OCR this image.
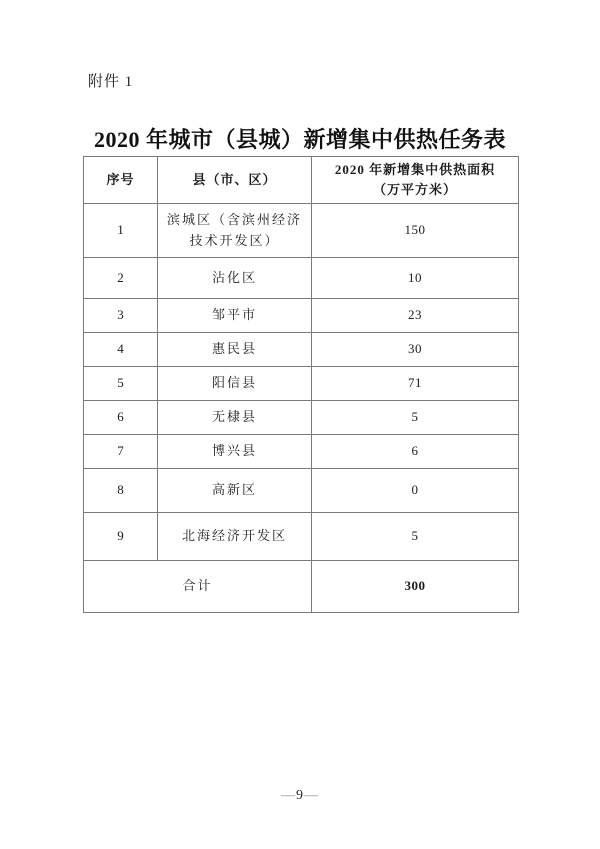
附件 1
2020 年城市（县城）新增集中供热任务表
序号	县（市、区）	2020 年新增集中供热面积
（万平方米）

1	滨城区（含滨州经济技术开发区）	150
2	沾化区	10
3	邹平市	23
4	惠民县	30
5	阳信县	71
6	无棣县	5
7	博兴县	6
8	高新区	0
9	北海经济开发区	5
合计		300
—9—
